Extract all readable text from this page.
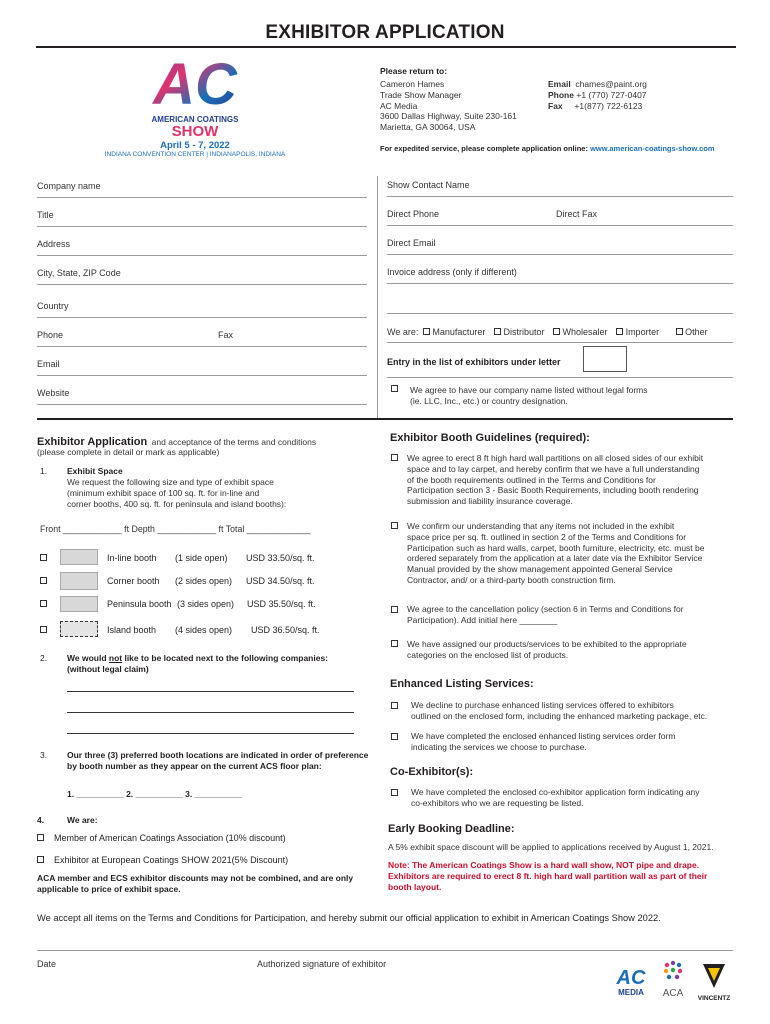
EXHIBITOR APPLICATION
AC
AMERICAN COATINGS
SHOW
April 5 - 7, 2022
INDIANA CONVENTION CENTER | INDIANAPOLIS, INDIANA
Please return to:
Cameron Hames
Trade Show Manager
AC Media
3600 Dallas Highway, Suite 230-161
Marietta, GA 30064, USA
Email chames@paint.org
Phone +1 (770) 727-0407
Fax +1(877) 722-6123
For expedited service, please complete application online: www.american-coatings-show.com
Company name
Title
Address
City, State, ZIP Code
Country
Phone	Fax
Email
Website
Show Contact Name
Direct Phone	Direct Fax
Direct Email
Invoice address (only if different)
We are: Manufacturer Distributor Wholesaler Importer	Other
Entry in the list of exhibitors under letter
We agree to have our company name listed without legal forms
(ie. LLC, Inc., etc.) or country designation.
Exhibitor Application and acceptance of the terms and conditions
(please complete in detail or mark as applicable)
1. Exhibit Space
We request the following size and type of exhibit space
(minimum exhibit space of 100 sq. ft. for in-line and
corner booths, 400 sq. ft. for peninsula and island booths):
Front ____________ ft Depth ____________ ft Total _____________
In-line booth (1 side open) USD 33.50/sq. ft.
Corner booth (2 sides open) USD 34.50/sq. ft.
Peninsula booth (3 sides open) USD 35.50/sq. ft.
Island booth (4 sides open) USD 36.50/sq. ft.
2. We would not like to be located next to the following companies:
(without legal claim)
3. Our three (3) preferred booth locations are indicated in order of preference
by booth number as they appear on the current ACS floor plan:
1. __________ 2. __________ 3. __________
4.	We are:
Member of American Coatings Association (10% discount)
Exhibitor at European Coatings SHOW 2021(5% Discount)
ACA member and ECS exhibitor discounts may not be combined, and are only
applicable to price of exhibit space.
Exhibitor Booth Guidelines (required):
We agree to erect 8 ft high hard wall partitions on all closed sides of our exhibit
space and to lay carpet, and hereby confirm that we have a full understanding
of the booth requirements outlined in the Terms and Conditions for
Participation section 3 - Basic Booth Requirements, including booth rendering
submission and liability insurance coverage.
We confirm our understanding that any items not included in the exhibit
space price per sq. ft. outlined in section 2 of the Terms and Conditions for
Participation such as hard walls, carpet, booth furniture, electricity, etc. must be
ordered separately from the application at a later date via the Exhibitor Service
Manual provided by the show management appointed General Service
Contractor, and/ or a third-party booth construction firm.
We agree to the cancellation policy (section 6 in Terms and Conditions for
Participation). Add initial here ________
We have assigned our products/services to be exhibited to the appropriate
categories on the enclosed list of products.
Enhanced Listing Services:
We decline to purchase enhanced listing services offered to exhibitors
outlined on the enclosed form, including the enhanced marketing package, etc.
We have completed the enclosed enhanced listing services order form
indicating the services we choose to purchase.
Co-Exhibitor(s):
We have completed the enclosed co-exhibitor application form indicating any
co-exhibitors who we are requesting be listed.
Early Booking Deadline:
A 5% exhibit space discount will be applied to applications received by August 1, 2021.
Note: The American Coatings Show is a hard wall show, NOT pipe and drape.
Exhibitors are required to erect 8 ft. high hard wall partition wall as part of their
booth layout.
We accept all items on the Terms and Conditions for Participation, and hereby submit our official application to exhibit in American Coatings Show 2022.
Date	Authorized signature of exhibitor
AC
MEDIA	ACA	VINCENTZ
